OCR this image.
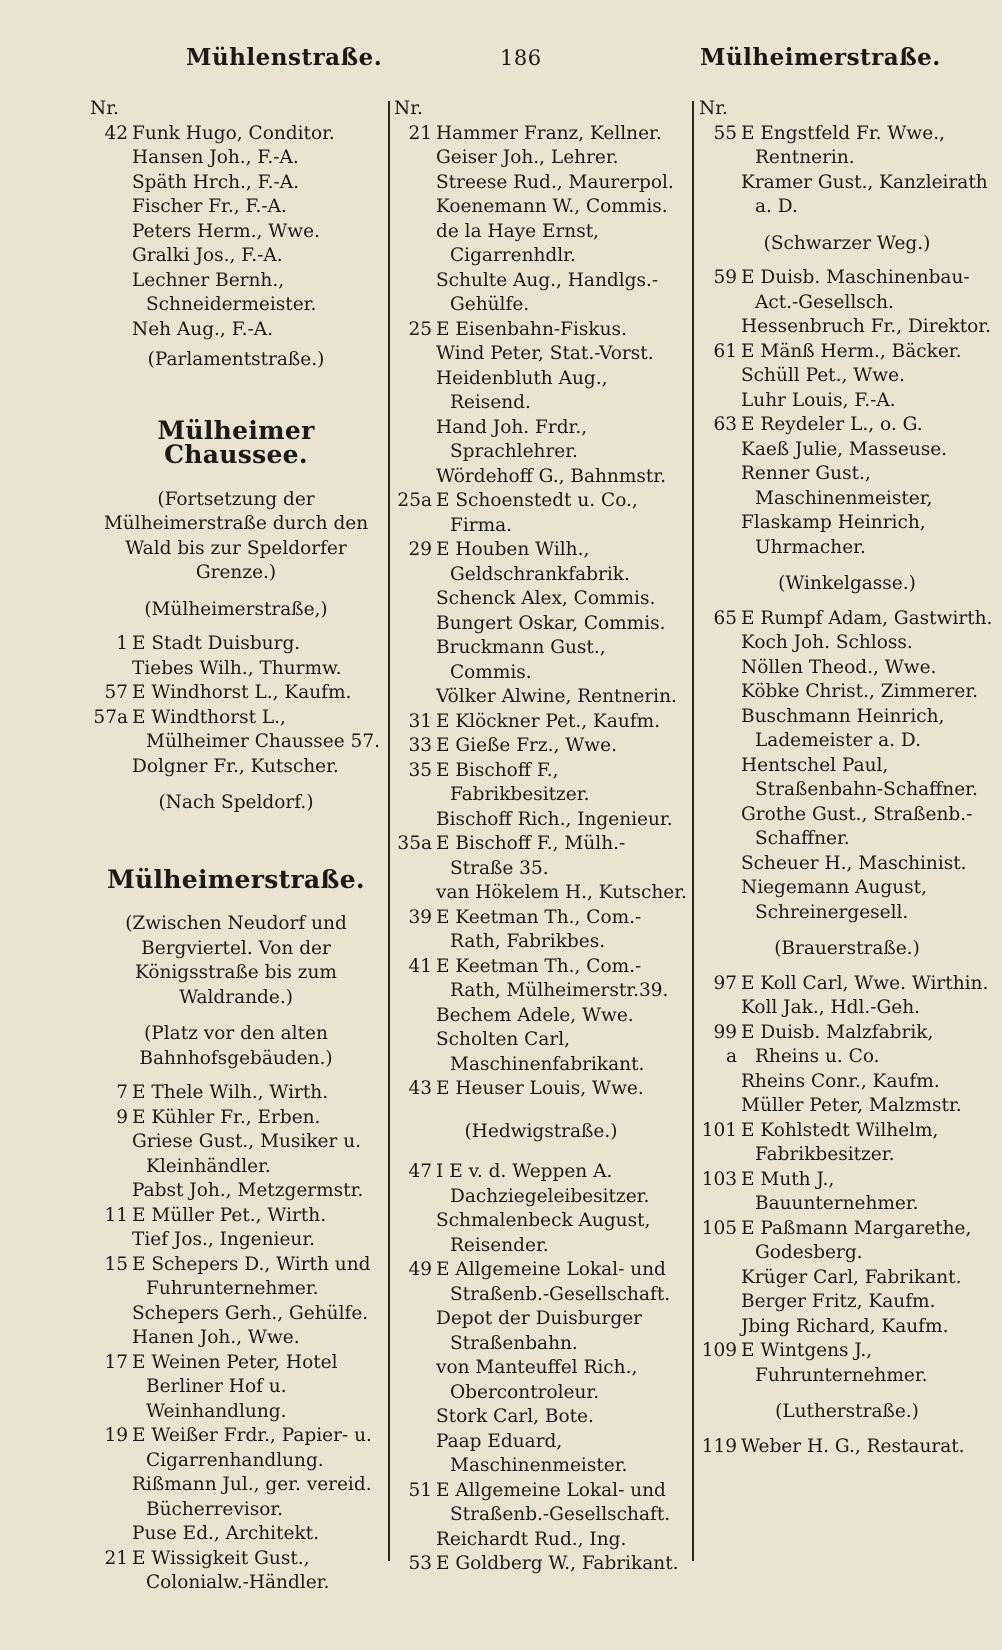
Mühlenstraße.	186	Mülheimerstraße.
Nr.
42 Funk Hugo, Conditor.
Hansen Joh., F.-A.
Späth Hrch., F.-A.
Fischer Fr., F.-A.
Peters Herm., Wwe.
Gralki Jos., F.-A.
Lechner Bernh., Schneidermeister.
Neh Aug., F.-A.
(Parlamentstraße.)
Mülheimer Chaussee.
(Fortsetzung der Mülheimerstraße durch den Wald bis zur Speldorfer Grenze.)
(Mülheimerstraße,)
1 E Stadt Duisburg.
Tiebes Wilh., Thurmw.
57 E Windhorst L., Kaufm.
57a E Windthorst L., Mülheimer Chaussee 57.
Dolgner Fr., Kutscher.
(Nach Speldorf.)
Mülheimerstraße.
(Zwischen Neudorf und Bergviertel. Von der Königsstraße bis zum Waldrande.)
(Platz vor den alten Bahnhofsgebäuden.)
7 E Thele Wilh., Wirth.
9 E Kühler Fr., Erben.
Griese Gust., Musiker u. Kleinhändler.
Pabst Joh., Metzgermstr.
11 E Müller Pet., Wirth.
Tief Jos., Ingenieur.
15 E Schepers D., Wirth und Fuhrunternehmer.
Schepers Gerh., Gehülfe.
Hanen Joh., Wwe.
17 E Weinen Peter, Hotel Berliner Hof u. Weinhandlung.
19 E Weißer Frdr., Papier- u. Cigarrenhandlung.
Rißmann Jul., ger. vereid. Bücherrevisor.
Puse Ed., Architekt.
21 E Wissigkeit Gust., Colonialw.-Händler.
Nr.
21 Hammer Franz, Kellner.
Geiser Joh., Lehrer.
Streese Rud., Maurerpol.
Koenemann W., Commis.
de la Haye Ernst, Cigarrenhdlr.
Schulte Aug., Handlgs.-Gehülfe.
25 E Eisenbahn-Fiskus.
Wind Peter, Stat.-Vorst.
Heidenbluth Aug., Reisend.
Hand Joh. Frdr., Sprachlehrer.
Wördehoff G., Bahnmstr.
25a E Schoenstedt u. Co., Firma.
29 E Houben Wilh., Geldschrankfabrik.
Schenck Alex, Commis.
Bungert Oskar, Commis.
Bruckmann Gust., Commis.
Völker Alwine, Rentnerin.
31 E Klöckner Pet., Kaufm.
33 E Gieße Frz., Wwe.
35 E Bischoff F., Fabrikbesitzer.
Bischoff Rich., Ingenieur.
35a E Bischoff F., Mülh.-Straße 35.
van Hökelem H., Kutscher.
39 E Keetman Th., Com.-Rath, Fabrikbes.
41 E Keetman Th., Com.-Rath, Mülheimerstr.39.
Bechem Adele, Wwe.
Scholten Carl, Maschinenfabrikant.
43 E Heuser Louis, Wwe.
(Hedwigstraße.)
47 I E v. d. Weppen A. Dachziegeleibesitzer.
Schmalenbeck August, Reisender.
49 E Allgemeine Lokal- und Straßenb.-Gesellschaft.
Depot der Duisburger Straßenbahn.
von Manteuffel Rich., Obercontroleur.
Stork Carl, Bote.
Paap Eduard, Maschinenmeister.
51 E Allgemeine Lokal- und Straßenb.-Gesellschaft.
Reichardt Rud., Ing.
53 E Goldberg W., Fabrikant.
Nr.
55 E Engstfeld Fr. Wwe., Rentnerin.
Kramer Gust., Kanzleirath a. D.
(Schwarzer Weg.)
59 E Duisb. Maschinenbau-Act.-Gesellsch.
Hessenbruch Fr., Direktor.
61 E Mänß Herm., Bäcker.
Schüll Pet., Wwe.
Luhr Louis, F.-A.
63 E Reydeler L., o. G.
Kaeß Julie, Masseuse.
Renner Gust., Maschinenmeister,
Flaskamp Heinrich, Uhrmacher.
(Winkelgasse.)
65 E Rumpf Adam, Gastwirth.
Koch Joh. Schloss.
Nöllen Theod., Wwe.
Köbke Christ., Zimmerer.
Buschmann Heinrich, Lademeister a. D.
Hentschel Paul, Straßenbahn-Schaffner.
Grothe Gust., Straßenb.-Schaffner.
Scheuer H., Maschinist.
Niegemann August, Schreinergesell.
(Brauerstraße.)
97 E Koll Carl, Wwe. Wirthin.
Koll Jak., Hdl.-Geh.
99 a
E Duisb. Malzfabrik, Rheins u. Co.
Rheins Conr., Kaufm.
Müller Peter, Malzmstr.
101 E Kohlstedt Wilhelm, Fabrikbesitzer.
103 E Muth J., Bauunternehmer.
105 E Paßmann Margarethe, Godesberg.
Krüger Carl, Fabrikant.
Berger Fritz, Kaufm.
Jbing Richard, Kaufm.
109 E Wintgens J., Fuhrunternehmer.
(Lutherstraße.)
119 Weber H. G., Restaurat.
